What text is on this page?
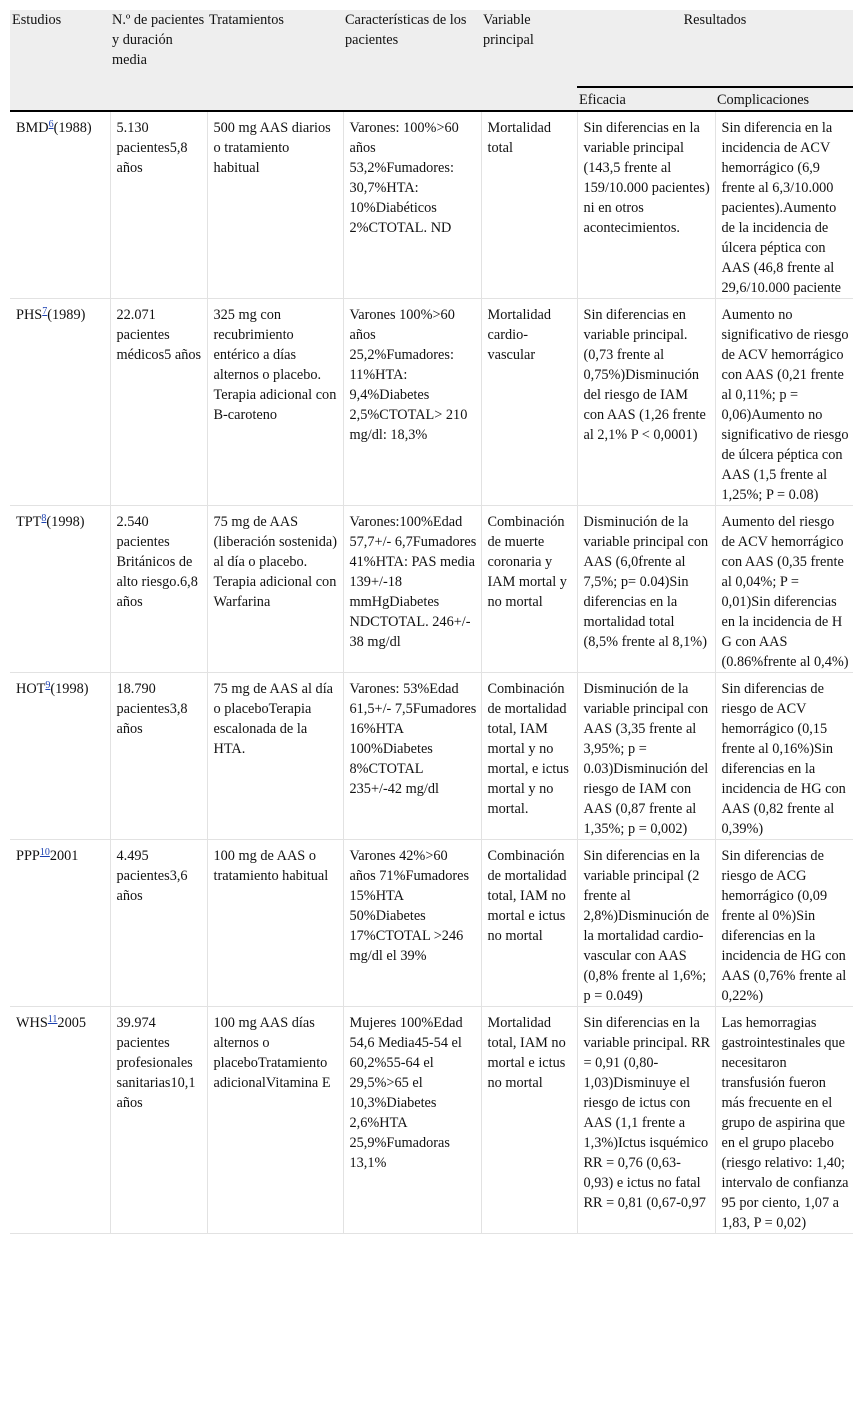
Estudios	N.º de pacientes y duración media	Tratamientos	Características de los pacientes	Variable principal	Resultados	
					Eficacia	Complicaciones
BMD$^6$(1988)	5.130 pacientes5,8 años	500 mg AAS diarios o tratamiento habitual	Varones: 100%>60 años 53,2%Fumadores: 30,7%HTA: 10%Diabéticos 2%CTOTAL. ND	Mortalidad total	Sin diferencias en la variable principal (143,5 frente al 159/10.000 pacientes) ni en otros acontecimientos.	Sin diferencia en la incidencia de ACV hemorrágico (6,9 frente al 6,3/10.000 pacientes).Aumento de la incidencia de úlcera péptica con AAS (46,8 frente al 29,6/10.000 paciente
PHS$^7$(1989)	22.071 pacientes médicos5 años	325 mg con recubrimiento entérico a días alternos o placebo. Terapia adicional con B-caroteno	Varones 100%>60 años 25,2%Fumadores: 11%HTA: 9,4%Diabetes 2,5%CTOTAL> 210 mg/dl: 18,3%	Mortalidad cardio-vascular	Sin diferencias en variable principal. (0,73 frente al 0,75%)Disminución del riesgo de IAM con AAS (1,26 frente al 2,1% P < 0,0001)	Aumento no significativo de riesgo de ACV hemorrágico con AAS (0,21 frente al 0,11%; p = 0,06)Aumento no significativo de riesgo de úlcera péptica con AAS (1,5 frente al 1,25%; P = 0.08)
TPT$^8$(1998)	2.540 pacientes Británicos de alto riesgo.6,8 años	75 mg de AAS (liberación sostenida) al día o placebo. Terapia adicional con Warfarina	Varones:100%Edad 57,7+/- 6,7Fumadores 41%HTA: PAS media 139+/-18 mmHgDiabetes NDCTOTAL. 246+/- 38 mg/dl	Combinación de muerte coronaria y IAM mortal y no mortal	Disminución de la variable principal con AAS (6,0frente al 7,5%; p= 0.04)Sin diferencias en la mortalidad total (8,5% frente al 8,1%)	Aumento del riesgo de ACV hemorrágico con AAS (0,35 frente al 0,04%; P = 0,01)Sin diferencias en la incidencia de H G con AAS (0.86%frente al 0,4%)
HOT$^9$(1998)	18.790 pacientes3,8 años	75 mg de AAS al día o placeboTerapia escalonada de la HTA.	Varones: 53%Edad 61,5+/- 7,5Fumadores 16%HTA 100%Diabetes 8%CTOTAL 235+/-42 mg/dl	Combinación de mortalidad total, IAM mortal y no mortal, e ictus mortal y no mortal.	Disminución de la variable principal con AAS (3,35 frente al 3,95%; p = 0.03)Disminución del riesgo de IAM con AAS (0,87 frente al 1,35%; p = 0,002)	Sin diferencias de riesgo de ACV hemorrágico (0,15 frente al 0,16%)Sin diferencias en la incidencia de HG con AAS (0,82 frente al 0,39%)
PPP$^{10}$2001	4.495 pacientes3,6 años	100 mg de AAS o tratamiento habitual	Varones 42%>60 años 71%Fumadores 15%HTA 50%Diabetes 17%CTOTAL >246 mg/dl el 39%	Combinación de mortalidad total, IAM no mortal e ictus no mortal	Sin diferencias en la variable principal (2 frente al 2,8%)Disminución de la mortalidad cardio-vascular con AAS (0,8% frente al 1,6%; p = 0.049)	Sin diferencias de riesgo de ACG hemorrágico (0,09 frente al 0%)Sin diferencias en la incidencia de HG con AAS (0,76% frente al 0,22%)
WHS$^{11}$2005	39.974 pacientes profesionales sanitarias10,1 años	100 mg AAS días alternos o placeboTratamiento adicionalVitamina E	Mujeres 100%Edad 54,6 Media45-54 el 60,2%55-64 el 29,5%>65 el 10,3%Diabetes 2,6%HTA 25,9%Fumadoras 13,1%	Mortalidad total, IAM no mortal e ictus no mortal	Sin diferencias en la variable principal. RR = 0,91 (0,80-1,03)Disminuye el riesgo de ictus con AAS (1,1 frente a 1,3%)Ictus isquémico RR = 0,76 (0,63-0,93) e ictus no fatal RR = 0,81 (0,67-0,97	Las hemorragias gastrointestinales que necesitaron transfusión fueron más frecuente en el grupo de aspirina que en el grupo placebo (riesgo relativo: 1,40; intervalo de confianza 95 por ciento, 1,07 a 1,83, P = 0,02)
